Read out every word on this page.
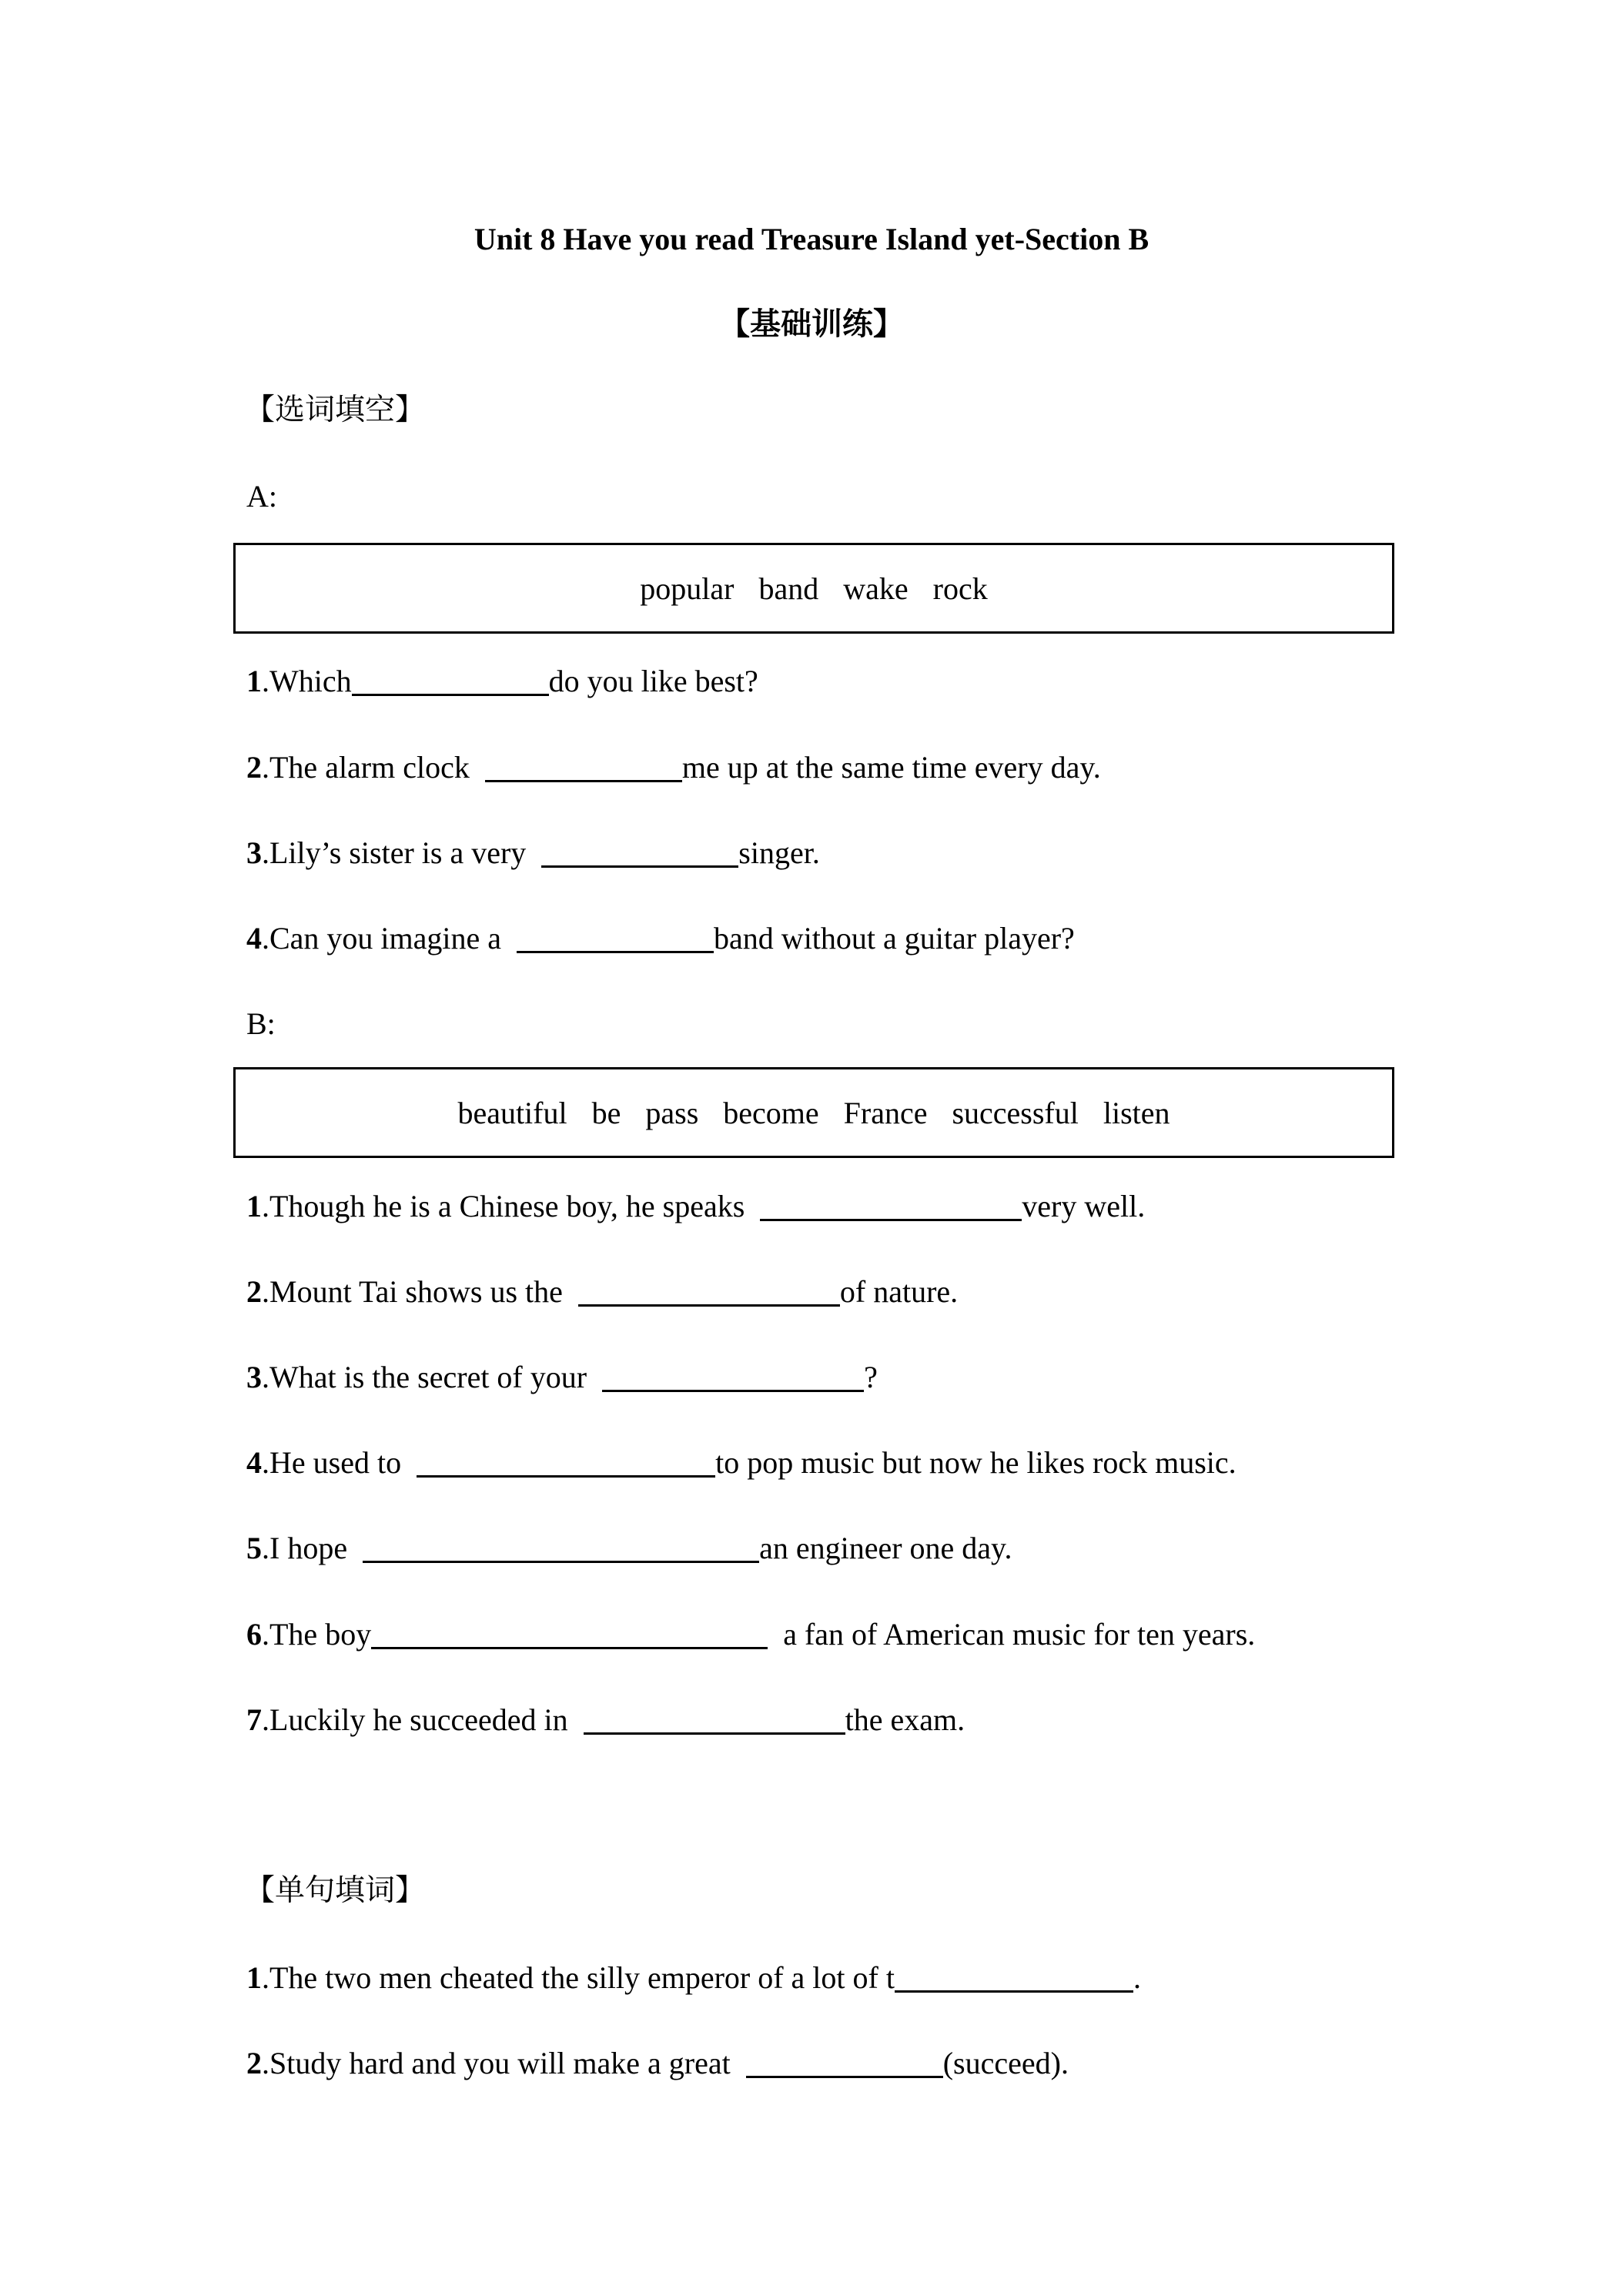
Unit 8 Have you read Treasure Island yet-Section B
【基础训练】
【选词填空】
A:
popular band wake rock
1.Which	do you like best?
2.The alarm clock	me up at the same time every day.
3.Lily’s sister is a very	singer.
4.Can you imagine a	band without a guitar player?
B:
beautiful be pass become France successful listen
1.Though he is a Chinese boy, he speaks	very well.
2.Mount Tai shows us the	of nature.
3.What is the secret of your	?
4.He used to	to pop music but now he likes rock music.
5.I hope	an engineer one day.
6.The boy	a fan of American music for ten years.
7.Luckily he succeeded in	the exam.
【单句填词】
1.The two men cheated the silly emperor of a lot of t	.
2.Study hard and you will make a great	(succeed).
